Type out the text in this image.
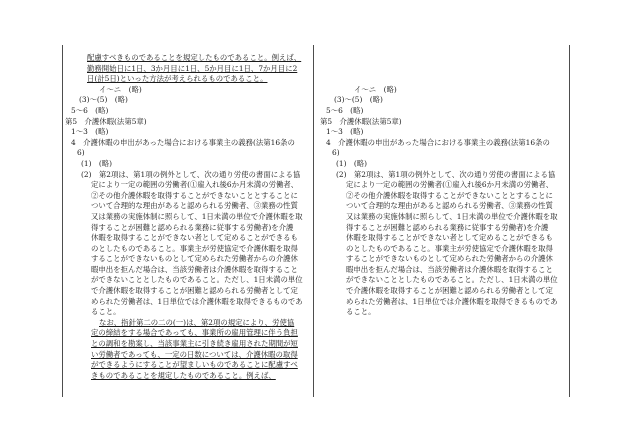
配慮すべきものであることを規定したものであること。例えば、
勤務開始日に1日、3か月目に1日、5か月目に1日、7か月目に2
日(計5日)といった方法が考えられるものであること。
イ～ニ　(略)
(3)～(5)　(略)
5～6　(略)
第5　介護休暇(法第5章)
1～3　(略)
4　介護休暇の申出があった場合における事業主の義務(法第16条の
6)
(1)　(略)
(2)　第2項は、第1項の例外として、次の通り労使の書面による協
定により一定の範囲の労働者(①雇入れ後6か月未満の労働者、
②その他介護休暇を取得することができないこととすることに
ついて合理的な理由があると認められる労働者、③業務の性質
又は業務の実施体制に照らして、1日未満の単位で介護休暇を取
得することが困難と認められる業務に従事する労働者)を介護
休暇を取得することができない者として定めることができるも
のとしたものであること。事業主が労使協定で介護休暇を取得
することができないものとして定められた労働者からの介護休
暇申出を拒んだ場合は、当該労働者は介護休暇を取得すること
ができないこととしたものであること。ただし、1日未満の単位
で介護休暇を取得することが困難と認められる労働者として定
められた労働者は、1日単位では介護休暇を取得できるものであ
ること。
なお、指針第二の二の(一)は、第2項の規定により、労使協
定の締結をする場合であっても、事業所の雇用管理に伴う負担
との調和を勘案し、当該事業主に引き続き雇用された期間が短
い労働者であっても、一定の日数については、介護休暇の取得
ができるようにすることが望ましいものであることに配慮すべ
きものであることを規定したものであること。例えば、
イ～ニ　(略)
(3)～(5)　(略)
5～6　(略)
第5　介護休暇(法第5章)
1～3　(略)
4　介護休暇の申出があった場合における事業主の義務(法第16条の
6)
(1)　(略)
(2)　第2項は、第1項の例外として、次の通り労使の書面による協
定により一定の範囲の労働者(①雇入れ後6か月未満の労働者、
②その他介護休暇を取得することができないこととすることに
ついて合理的な理由があると認められる労働者、③業務の性質
又は業務の実施体制に照らして、1日未満の単位で介護休暇を取
得することが困難と認められる業務に従事する労働者)を介護
休暇を取得することができない者として定めることができるも
のとしたものであること。事業主が労使協定で介護休暇を取得
することができないものとして定められた労働者からの介護休
暇申出を拒んだ場合は、当該労働者は介護休暇を取得すること
ができないこととしたものであること。ただし、1日未満の単位
で介護休暇を取得することが困難と認められる労働者として定
められた労働者は、1日単位では介護休暇を取得できるものであ
ること。
